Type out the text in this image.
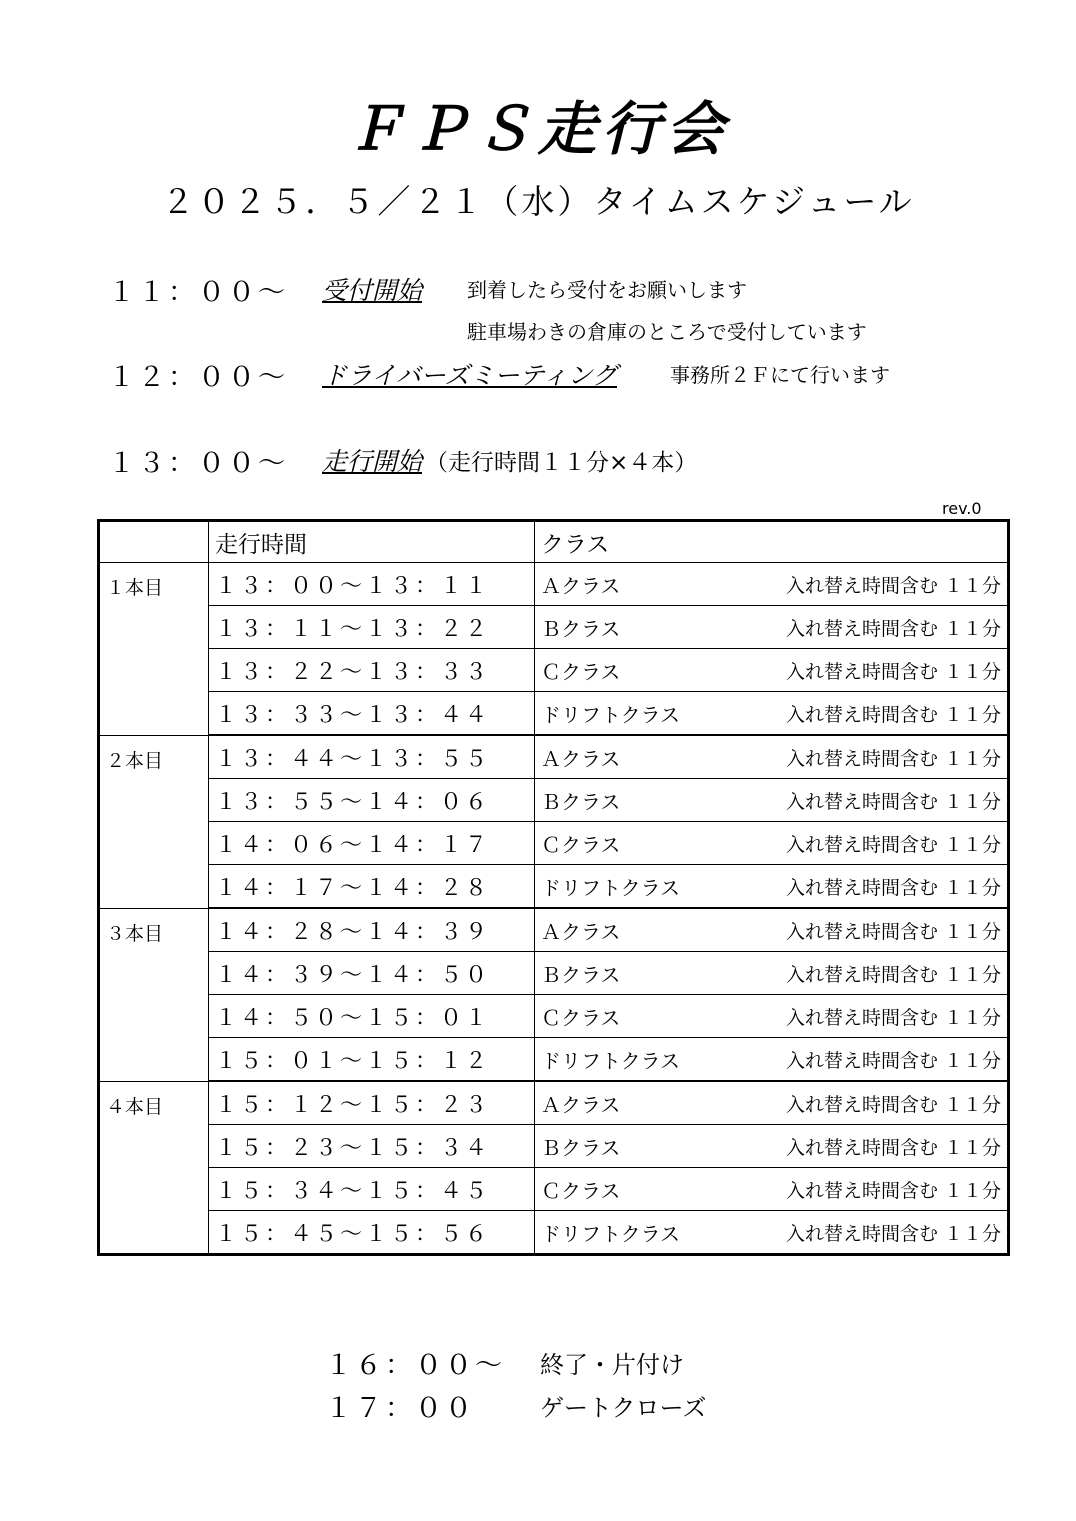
ＦＰＳ走行会
２０２５．５／２１（水）タイムスケジュール
１１：００～ 受付開始 到着したら受付をお願いします
駐車場わきの倉庫のところで受付しています
１２：００～ ドライバーズミーティング	事務所２Ｆにて行います
１３：００～ 走行開始 （走行時間１１分×４本）
rev.0
	走行時間	クラス	
１本目	１３：００～１３：１１	Ａクラス	入れ替え時間含む １１分
	１３：１１～１３：２２	Ｂクラス	入れ替え時間含む １１分
	１３：２２～１３：３３	Ｃクラス	入れ替え時間含む １１分
	１３：３３～１３：４４	ドリフトクラス	入れ替え時間含む １１分
２本目	１３：４４～１３：５５	Ａクラス	入れ替え時間含む １１分
	１３：５５～１４：０６	Ｂクラス	入れ替え時間含む １１分
	１４：０６～１４：１７	Ｃクラス	入れ替え時間含む １１分
	１４：１７～１４：２８	ドリフトクラス	入れ替え時間含む １１分
３本目	１４：２８～１４：３９	Ａクラス	入れ替え時間含む １１分
	１４：３９～１４：５０	Ｂクラス	入れ替え時間含む １１分
	１４：５０～１５：０１	Ｃクラス	入れ替え時間含む １１分
	１５：０１～１５：１２	ドリフトクラス	入れ替え時間含む １１分
４本目	１５：１２～１５：２３	Ａクラス	入れ替え時間含む １１分
	１５：２３～１５：３４	Ｂクラス	入れ替え時間含む １１分
	１５：３４～１５：４５	Ｃクラス	入れ替え時間含む １１分
	１５：４５～１５：５６	ドリフトクラス	入れ替え時間含む １１分
１６：００～ 終了・片付け
１７：００	ゲートクローズ
